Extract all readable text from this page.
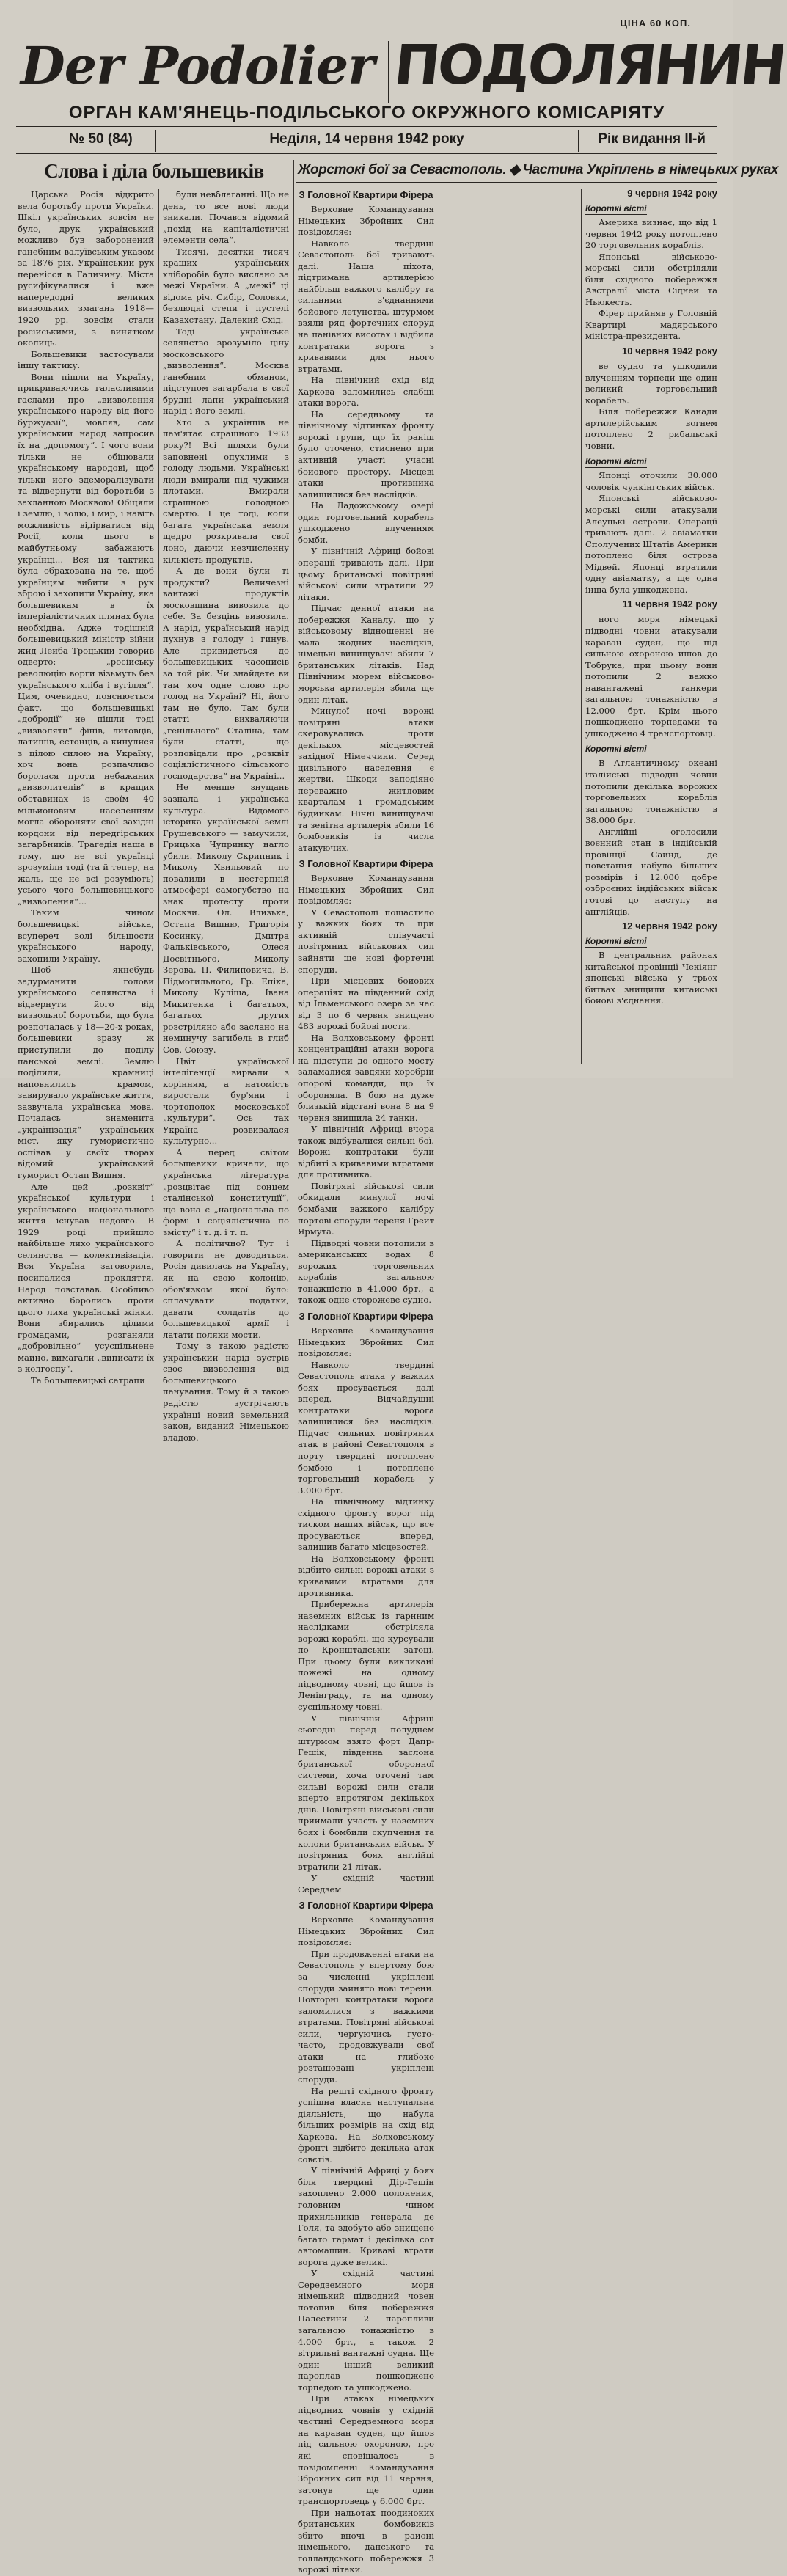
ЦІНА 60 КОП.
Der Podolier ПОДОЛЯНИН
ОРГАН КАМ'ЯНЕЦЬ-ПОДІЛЬСЬКОГО ОКРУЖНОГО КОМІСАРІЯТУ
№ 50 (84)	Неділя, 14 червня 1942 року	Рік видання II-й
Слова і діла большевиків	Жорстокі бої за Севастополь. ◆ Частина Укріплень в німецьких руках

Царська Росія відкрито вела боротьбу проти України. Шкіл українських зовсім не було, друк український можливо був заборонений ганебним валуївським указом за 1876 рік. Український рух перенісся в Галичину. Міста русифікувалися і вже напередодні великих визвольних змагань 1918—1920 рр. зовсім стали російськими, з винятком околиць.

Большевики застосували іншу тактику.

Вони пішли на Україну, прикриваючись галасливими гаслами про „визволення українського народу від його буржуазії“, мовляв, сам український народ запросив їх на „допомогу“. І чого вони тільки не обіцювали українському народові, щоб тільки його здеморалізувати та відвернути від боротьби з захланною Москвою! Обіцяли і землю, і волю, і мир, і навіть можливість відірватися від Росії, коли цього в майбутньому забажають українці... Вся ця тактика була обрахована на те, щоб українцям вибити з рук зброю і захопити Україну, яка большевикам в їх імперіалістичних плянах була необхідна. Адже тодішній большевицький міністр війни жид Лейба Троцький говорив одверто: „російську революцію ворги візьмуть без українського хліба і вугілля“. Цим, очевидно, пояснюється факт, що большевицькі „добродії“ не пішли тоді „визволяти“ фінів, литовців, латишів, естонців, а кинулися з цілою силою на Україну, хоч вона розпачливо боролася проти небажаних „визволителів“ в кращих обставинах із своїм 40 мільйоновим населенням могла обороняти свої західні кордони від передгірських загарбників. Трагедія наша в тому, що не всі українці зрозуміли тоді (та й тепер, на жаль, ще не всі розуміють) усього чого большевицького „визволення“...

Таким чином большевицькі війська, всупереч волі більшости українського народу, захопили Україну.

Щоб якнебудь задурманити голови українського селянства і відвернути його від визвольної боротьби, що була розпочалась у 18—20-х роках, большевики зразу ж приступили до поділу панської землі. Землю поділили, крамниці наповнились крамом, завирувало українське життя, зазвучала українська мова. Почалась знаменита „українізація“ українських міст, яку гумористично оспівав у своїх творах відомий український гуморист Остап Вишня.

Але цей „розквіт“ української культури і українського національного життя існував недовго. В 1929 році прийшло найбільше лихо українського селянства — колективізація. Вся Україна заговорила, посипалися прокляття. Народ повставав. Особливо активно боролись проти цього лиха українські жінки. Вони збирались цілими громадами, розганяли „добровільно“ усуспільнене майно, вимагали „виписати їх з колгоспу“.

Та большевицькі сатрапи

були невблаганні. Що не день, то все нові люди зникали. Почався відомий „похід на капіталістичні елементи села“.

Тисячі, десятки тисяч кращих українських хліборобів було вислано за межі України. А „межі“ ці відома річ. Сибір, Соловки, безлюдні степи і пустелі Казахстану, Далекий Схід.

Тоді українське селянство зрозуміло ціну московського „визволення“. Москва ганебним обманом, підступом загарбала в свої брудні лапи український нарід і його землі.

Хто з українців не пам'ятає страшного 1933 року?! Всі шляхи були заповнені опухлими з голоду людьми. Українські люди вмирали під чужими плотами. Вмирали страшною голодною смертю. І це тоді, коли багата українська земля щедро розкривала свої лоно, даючи незчисленну кількість продуктів.

А де вони були ті продукти? Величезні вантажі продуктів московщина вивозила до себе. За безцінь вивозила. А нарід, український нарід пухнув з голоду і гинув. Але привидеться до большевицьких часописів за той рік. Чи знайдете ви там хоч одне слово про голод на Україні? Ні, його там не було. Там були статті вихваляючи „генільного“ Сталіна, там були статті, що розповідали про „розквіт соціялістичного сільського господарства“ на Україні...

Не менше знущань зазнала і українська культура. Відомого історика української землі Грушевського — замучили, Грицька Чупринку нагло убили. Миколу Скрипник і Миколу Хвильовий по повалили в нестерпній атмосфері самогубство на знак протесту проти Москви. Ол. Влизька, Остапа Вишню, Григорія Косинку, Дмитра Фальківського, Олеся Досвітнього, Миколу Зерова, П. Филиповича, В. Підмогильного, Гр. Епіка, Миколу Куліша, Івана Микитенка і багатьох, багатьох других розстріляно або заслано на неминучу загибель в глиб Сов. Союзу.

Цвіт української інтелігенції вирвали з корінням, а натомість виростали бур'яни і чортополох московської „культури“. Ось так Україна розвивалася культурно...

А перед світом большевики кричали, що українська література „розцвітає під сонцем сталінської конституції“, що вона є „національна по формі і соціялістична по змісту“ і т. д. і т. п.

А політично? Тут і говорити не доводиться. Росія дивилась на Україну, як на свою колонію, обов'язком якої було: сплачувати податки, давати солдатів до большевицької армії і латати поляки мости.

Тому з такою радістю український нарід зустрів своє визволення від большевицького панування. Тому й з такою радістю зустрічають українці новий земельний закон, виданий Німецькою владою.

З Головної Квартири Фірера

Верховне Командування Німецьких Збройних Сил повідомляє:

Навколо твердині Севастополь бої тривають далі. Наша піхота, підтримана артилерією найбільш важкого калібру та сильними з'єднаннями бойового летунства, штурмом взяли ряд фортечних споруд на панівних висотах і відбила контратаки ворога з кривавими для нього втратами.

На північний схід від Харкова заломились слабші атаки ворога.

На середньому та північному відтинках фронту ворожі групи, що їх раніш було оточено, стиснено при активній участі учасні бойового простору. Місцеві атаки противника залишилися без наслідків.

На Ладожському озері один торговельний корабель ушкоджено влученням бомби.

У північній Африці бойові операції тривають далі. При цьому британські повітряні військові сили втратили 22 літаки.

Підчас денної атаки на побережжя Каналу, що у військовому відношенні не мала жодних наслідків, німецькі винищувачі збили 7 британських літаків. Над Північним морем військово-морська артилерія збила ще один літак.

Минулої ночі ворожі повітряні атаки скеровувались проти декількох місцевостей західної Німеччини. Серед цивільного населення є жертви. Шкоди заподіяно переважно житловим кварталам і громадським будинкам. Нічні винищувачі та зенітна артилерія збили 16 бомбовиків із числа атакуючих.

З Головної Квартири Фірера

Верховне Командування Німецьких Збройних Сил повідомляє:

У Севастополі пощастило у важких боях та при активній співучасті повітряних військових сил зайняти ще нові фортечні споруди.

При місцевих бойових операціях на південний схід від Ільменського озера за час від 3 по 6 червня знищено 483 ворожі бойові пости.

На Волховському фронті концентраційні атаки ворога на підступи до одного мосту заламалися завдяки хоробрій опорові команди, що їх обороняла. В бою на дуже близькій відстані вона 8 на 9 червня знищила 24 танки.

У північній Африці вчора також відбувалися сильні бої. Ворожі контратаки були відбиті з кривавими втратами для противника.

Повітряні військові сили обкидали минулої ночі бомбами важкого калібру портові споруди тереня Грейт Ярмута.

Підводні човни потопили в американських водах 8 ворожих торговельних кораблів загальною тонажністю в 41.000 брт., а також одне сторожеве судно.

З Головної Квартири Фірера

Верховне Командування Німецьких Збройних Сил повідомляє:

Навколо твердині Севастополь атака у важких боях просувається далі вперед. Відчайдушні контратаки ворога залишилися без наслідків. Підчас сильних повітряних атак в районі Севастополя в порту твердині потоплено бомбою і потоплено торговельний корабель у 3.000 брт.

На північному відтинку східного фронту ворог під тиском наших військ, що все просуваються вперед, залишив багато місцевостей.

На Волховському фронті відбито сильні ворожі атаки з кривавими втратами для противника.

Прибережна артилерія наземних військ із гарнним наслідками обстріляла ворожі кораблі, що курсували по Кронштадській затоці. При цьому були викликані пожежі на одному підводному човні, що йшов із Ленінграду, та на одному суспільному човні.

У північній Африці сьогодні перед полуднем штурмом взято форт Дапр-Гешік, південна заслона британської оборонної системи, хоча оточені там сильні ворожі сили стали вперто впротягом декількох днів. Повітряні військові сили приймали участь у наземних боях і бомбили скупчення та колони британських військ. У повітряних боях англійці втратили 21 літак.

У східній частині Середзем

З Головної Квартири Фірера

Верховне Командування Німецьких Збройних Сил повідомляє:

При продовженні атаки на Севастополь у впертому бою за численні укріплені споруди зайнято нові терени. Повторні контратаки ворога заломилися з важкими втратами. Повітряні військові сили, чергуючись густо-часто, продовжували свої атаки на глибоко розташовані укріплені споруди.

На решті східного фронту успішна власна наступальна діяльність, що набула більших розмірів на схід від Харкова. На Волховському фронті відбито декілька атак совєтів.

У північній Африці у боях біля твердині Дір-Гешін захоплено 2.000 полонених, головним чином прихильників генерала де Голя, та здобуто або знищено багато гармат і декілька сот автомашин. Криваві втрати ворога дуже великі.

У східній частині Середземного моря німецький підводний човен потопив біля побережжя Палестини 2 паропливи загальною тонажністю в 4.000 брт., а також 2 вітрильні вантажні судна. Ще один інший великий пароплав пошкоджено торпедою та ушкоджено.

При атаках німецьких підводних човнів у східній частині Середземного моря на караван суден, що йшов під сильною охороною, про які сповіщалось в повідомленні Командування Збройних сил від 11 червня, затонув ще один транспортовець у 6.000 брт.

При нальотах поодиноких британських бомбовиків збито вночі в районі німецького, данського та голландського побережжя 3 ворожі літаки.

9 червня 1942 року
Короткі вісті

Америка визнає, що від 1 червня 1942 року потоплено 20 торговельних кораблів.

Японські військово-морські сили обстріляли біля східного побережжя Австралії міста Сідней та Ньюкесть.

Фірер прийняв у Головній Квартирі мадярського міністра-президента.

10 червня 1942 року

ве судно та ушкодили влученням торпеди ще один великий торговельний корабель.

Біля побережжя Канади артилерійським вогнем потоплено 2 рибальські човни.

Короткі вісті

Японці оточили 30.000 чоловік чункінгських військ.

Японські військово-морські сили атакували Алеуцькі острови. Операції тривають далі. 2 авіаматки Сполучених Штатів Америки потоплено біля острова Мідвей. Японці втратили одну авіаматку, а ще одна інша була ушкоджена.

11 червня 1942 року

ного моря німецькі підводні човни атакували караван суден, що під сильною охороною йшов до Тобрука, при цьому вони потопили 2 важко навантажені танкери загальною тонажністю в 12.000 брт. Крім цього пошкоджено торпедами та ушкоджено 4 транспортовці.

Короткі вісті

В Атлантичному океані італійські підводні човни потопили декілька ворожих торговельних кораблів загальною тонажністю в 38.000 брт.

Англійці оголосили воєнний стан в індійській провінції Сайнд, де повстання набуло більших розмірів і 12.000 добре озброєних індійських військ готові до наступу на англійців.

12 червня 1942 року
Короткі вісті

В центральних районах китайської провінції Чекіянг японські війська у трьох битвах знищили китайські бойові з'єднання.
